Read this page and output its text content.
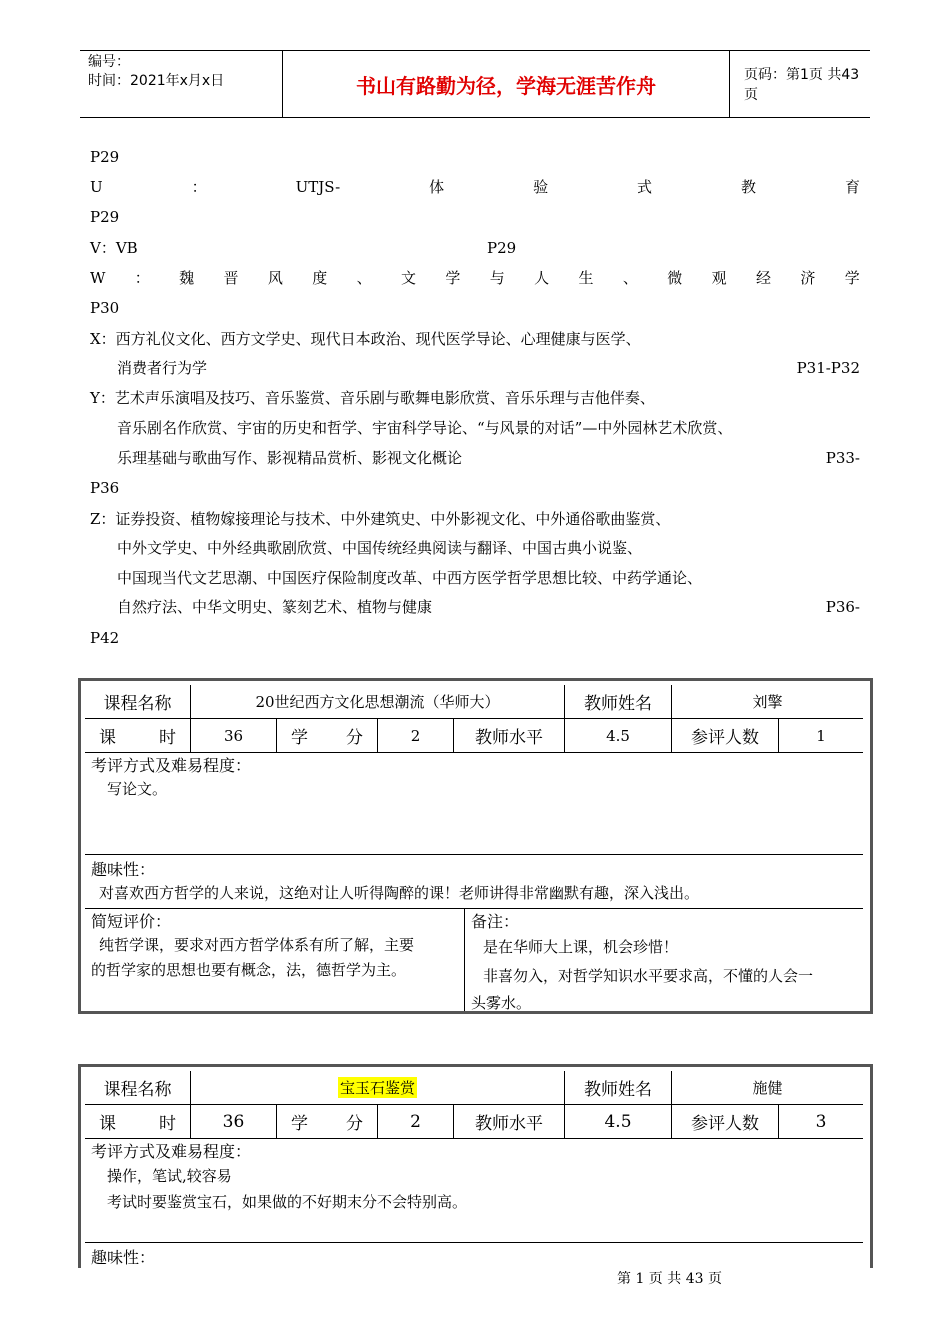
编号：
时间：2021年x月x日	书山有路勤为径，学海无涯苦作舟	页码：第1页 共43页
P29
U	：	UTJS-	体	验	式	教	育
P29
V：VB	P29
W ： 魏 晋 风 度 、 文 学 与 人 生 、 微 观 经 济 学
P30
X：西方礼仪文化、西方文学史、现代日本政治、现代医学导论、心理健康与医学、
消费者行为学	P31-P32
Y：艺术声乐演唱及技巧、音乐鉴赏、音乐剧与歌舞电影欣赏、音乐乐理与吉他伴奏、
音乐剧名作欣赏、宇宙的历史和哲学、宇宙科学导论、“与风景的对话”—中外园林艺术欣赏、
乐理基础与歌曲写作、影视精品赏析、影视文化概论	P33-
P36
Z：证券投资、植物嫁接理论与技术、中外建筑史、中外影视文化、中外通俗歌曲鉴赏、
中外文学史、中外经典歌剧欣赏、中国传统经典阅读与翻译、中国古典小说鉴、
中国现当代文艺思潮、中国医疗保险制度改革、中西方医学哲学思想比较、中药学通论、
自然疗法、中华文明史、篆刻艺术、植物与健康	P36-
P42
课程名称	20世纪西方文化思想潮流（华师大）	教师姓名	刘擎
课	时	36	学 分	2	教师水平	4.5	参评人数	1
考评方式及难易程度：
写论文。
趣味性：
对喜欢西方哲学的人来说，这绝对让人听得陶醉的课！老师讲得非常幽默有趣，深入浅出。
简短评价：
纯哲学课，要求对西方哲学体系有所了解，主要
的哲学家的思想也要有概念，法，德哲学为主。
备注：
是在华师大上课，机会珍惜！
非喜勿入，对哲学知识水平要求高，不懂的人会一
头雾水。
课程名称	宝玉石鉴赏	教师姓名	施健
课	时	36	学 分	2	教师水平	4.5	参评人数	3
考评方式及难易程度：
操作，笔试,较容易
考试时要鉴赏宝石，如果做的不好期末分不会特别高。
趣味性：
第 1 页 共 43 页
